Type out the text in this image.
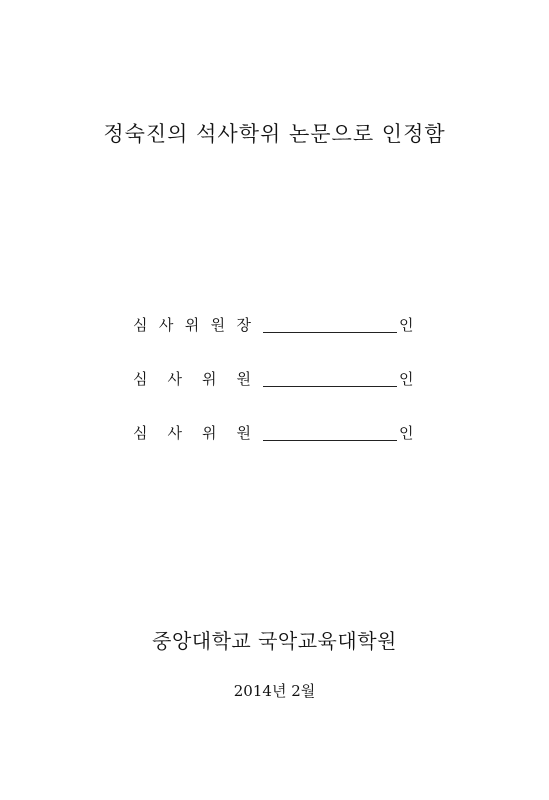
정숙진의 석사학위 논문으로 인정함
심 사 위 원 장	인
심 사 위 원	인
심 사 위 원	인
중앙대학교 국악교육대학원
2014년 2월
